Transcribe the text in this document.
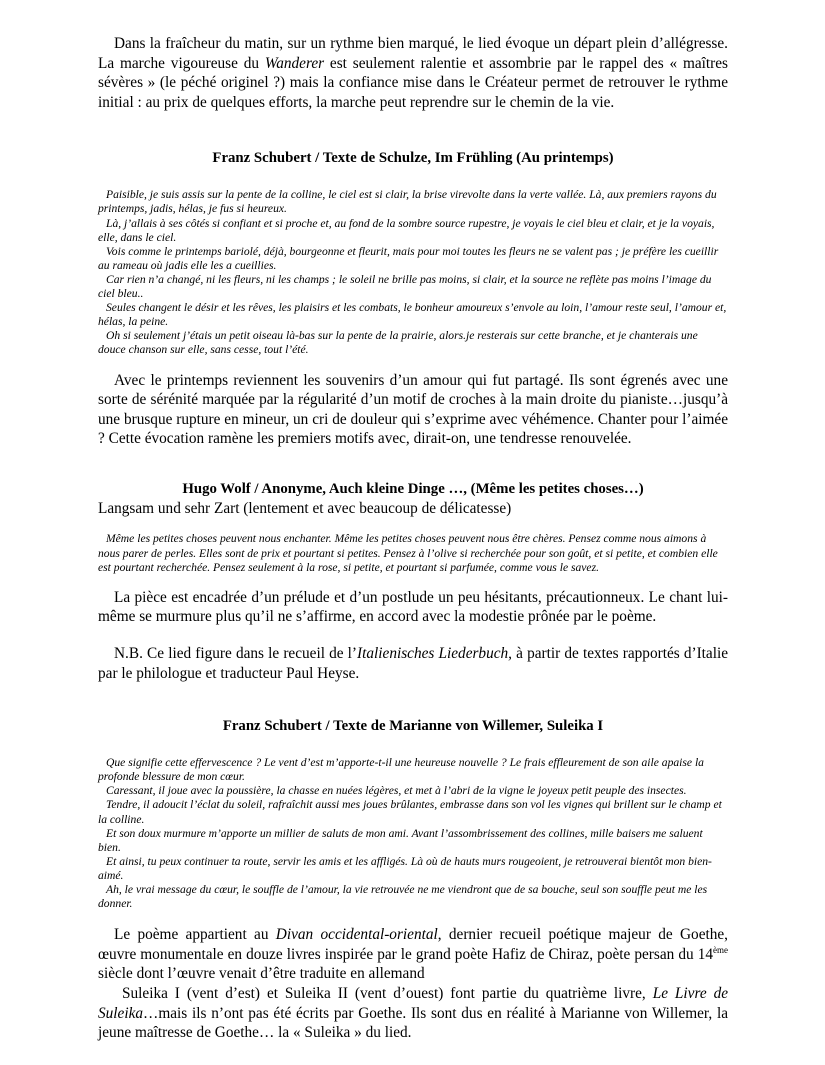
Dans la fraîcheur du matin, sur un rythme bien marqué, le lied évoque un départ plein d’allégresse. La marche vigoureuse du Wanderer est seulement ralentie et assombrie par le rappel des « maîtres sévères » (le péché originel ?) mais la confiance mise dans le Créateur permet de retrouver le rythme initial : au prix de quelques efforts, la marche peut reprendre sur le chemin de la vie.

Franz Schubert / Texte de Schulze, Im Frühling (Au printemps)

Paisible, je suis assis sur la pente de la colline, le ciel est si clair, la brise virevolte dans la verte vallée. Là, aux premiers rayons du printemps, jadis, hélas, je fus si heureux.
Là, j’allais à ses côtés si confiant et si proche et, au fond de la sombre source rupestre, je voyais le ciel bleu et clair, et je la voyais, elle, dans le ciel.
Vois comme le printemps bariolé, déjà, bourgeonne et fleurit, mais pour moi toutes les fleurs ne se valent pas ; je préfère les cueillir au rameau où jadis elle les a cueillies.
Car rien n’a changé, ni les fleurs, ni les champs ; le soleil ne brille pas moins, si clair, et la source ne reflète pas moins l’image du ciel bleu..
Seules changent le désir et les rêves, les plaisirs et les combats, le bonheur amoureux s’envole au loin, l’amour reste seul, l’amour et, hélas, la peine.
Oh si seulement j’étais un petit oiseau là-bas sur la pente de la prairie, alors.je resterais sur cette branche, et je chanterais une douce chanson sur elle, sans cesse, tout l’été.

Avec le printemps reviennent les souvenirs d’un amour qui fut partagé. Ils sont égrenés avec une sorte de sérénité marquée par la régularité d’un motif de croches à la main droite du pianiste…jusqu’à une brusque rupture en mineur, un cri de douleur qui s’exprime avec véhémence. Chanter pour l’aimée ? Cette évocation ramène les premiers motifs avec, dirait-on, une tendresse renouvelée.

Hugo Wolf / Anonyme, Auch kleine Dinge …, (Même les petites choses…)

Langsam und sehr Zart (lentement et avec beaucoup de délicatesse)

Même les petites choses peuvent nous enchanter. Même les petites choses peuvent nous être chères. Pensez comme nous aimons à nous parer de perles. Elles sont de prix et pourtant si petites. Pensez à l’olive si recherchée pour son goût, et si petite, et combien elle est pourtant recherchée. Pensez seulement à la rose, si petite, et pourtant si parfumée, comme vous le savez.

La pièce est encadrée d’un prélude et d’un postlude un peu hésitants, précautionneux. Le chant lui-même se murmure plus qu’il ne s’affirme, en accord avec la modestie prônée par le poème.

N.B. Ce lied figure dans le recueil de l’Italienisches Liederbuch, à partir de textes rapportés d’Italie par le philologue et traducteur Paul Heyse.

Franz Schubert / Texte de Marianne von Willemer, Suleika I

Que signifie cette effervescence ? Le vent d’est m’apporte-t-il une heureuse nouvelle ? Le frais effleurement de son aile apaise la profonde blessure de mon cœur.
Caressant, il joue avec la poussière, la chasse en nuées légères, et met à l’abri de la vigne le joyeux petit peuple des insectes.
Tendre, il adoucit l’éclat du soleil, rafraîchit aussi mes joues brûlantes, embrasse dans son vol les vignes qui brillent sur le champ et la colline.
Et son doux murmure m’apporte un millier de saluts de mon ami. Avant l’assombrissement des collines, mille baisers me saluent bien.
Et ainsi, tu peux continuer ta route, servir les amis et les affligés. Là où de hauts murs rougeoient, je retrouverai bientôt mon bien-aimé.
Ah, le vrai message du cœur, le souffle de l’amour, la vie retrouvée ne me viendront que de sa bouche, seul son souffle peut me les donner.

Le poème appartient au Divan occidental-oriental, dernier recueil poétique majeur de Goethe, œuvre monumentale en douze livres inspirée par le grand poète Hafiz de Chiraz, poète persan du 14ème siècle dont l’œuvre venait d’être traduite en allemand

Suleika I (vent d’est) et Suleika II (vent d’ouest) font partie du quatrième livre, Le Livre de Suleika…mais ils n’ont pas été écrits par Goethe. Ils sont dus en réalité à Marianne von Willemer, la jeune maîtresse de Goethe… la « Suleika » du lied.
